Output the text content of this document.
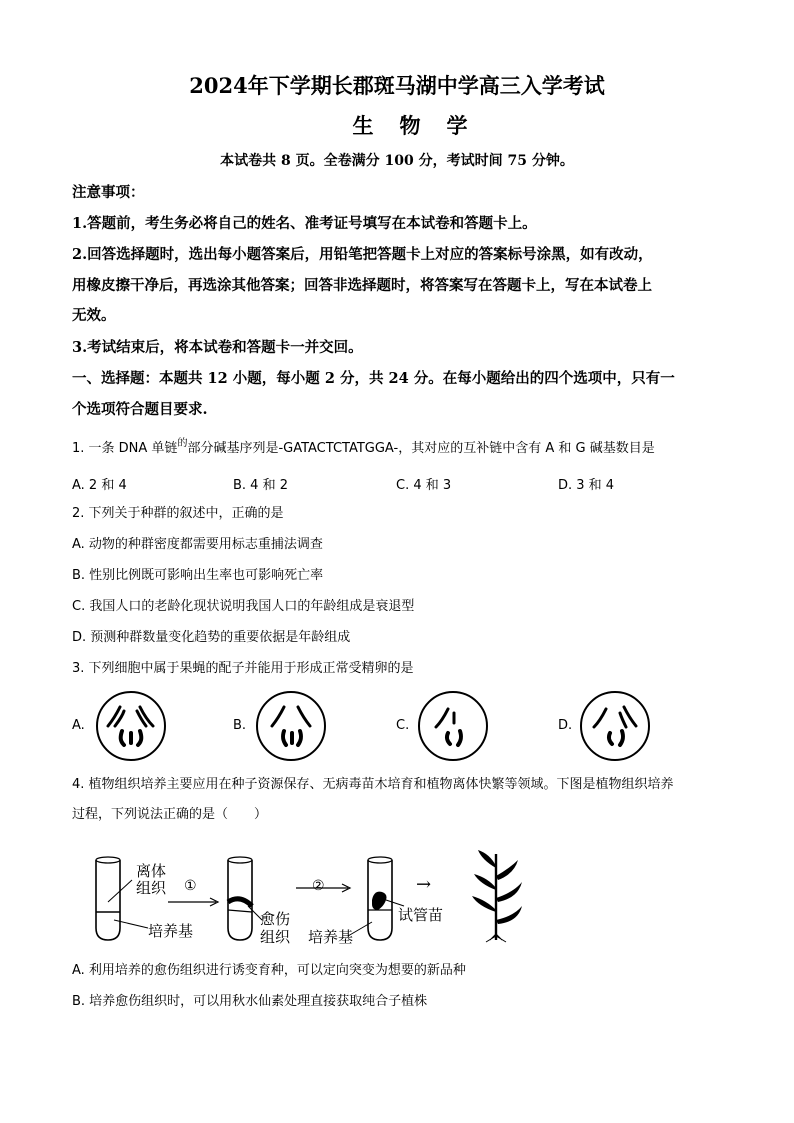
2024年下学期长郡斑马湖中学高三入学考试
生物学
本试卷共 8 页。全卷满分 100 分，考试时间 75 分钟。
注意事项：
1.答题前，考生务必将自己的姓名、准考证号填写在本试卷和答题卡上。
2.回答选择题时，选出每小题答案后，用铅笔把答题卡上对应的答案标号涂黑，如有改动，
用橡皮擦干净后，再选涂其他答案；回答非选择题时，将答案写在答题卡上，写在本试卷上
无效。
3.考试结束后，将本试卷和答题卡一并交回。
一、选择题：本题共 12 小题，每小题 2 分，共 24 分。在每小题给出的四个选项中，只有一
个选项符合题目要求.
1. 一条 DNA 单链$^的$部分碱基序列是-GATACTCTATGGA-，其对应的互补链中含有 A 和 G 碱基数目是
A. 2 和 4	B. 4 和 2	C. 4 和 3	D. 3 和 4
2. 下列关于种群的叙述中，正确的是
A. 动物的种群密度都需要用标志重捕法调查
B. 性别比例既可影响出生率也可影响死亡率
C. 我国人口的老龄化现状说明我国人口的年龄组成是衰退型
D. 预测种群数量变化趋势的重要依据是年龄组成
3. 下列细胞中属于果蝇的配子并能用于形成正常受精卵的是
A.	B.	C.	D.
4. 植物组织培养主要应用在种子资源保存、无病毒苗木培育和植物离体快繁等领域。下图是植物组织培养
过程，下列说法正确的是（　　）
离体
组织 ①	②
培养基
愈伤
组织 培养基
试管苗
→
A. 利用培养的愈伤组织进行诱变育种，可以定向突变为想要的新品种
B. 培养愈伤组织时，可以用秋水仙素处理直接获取纯合子植株
